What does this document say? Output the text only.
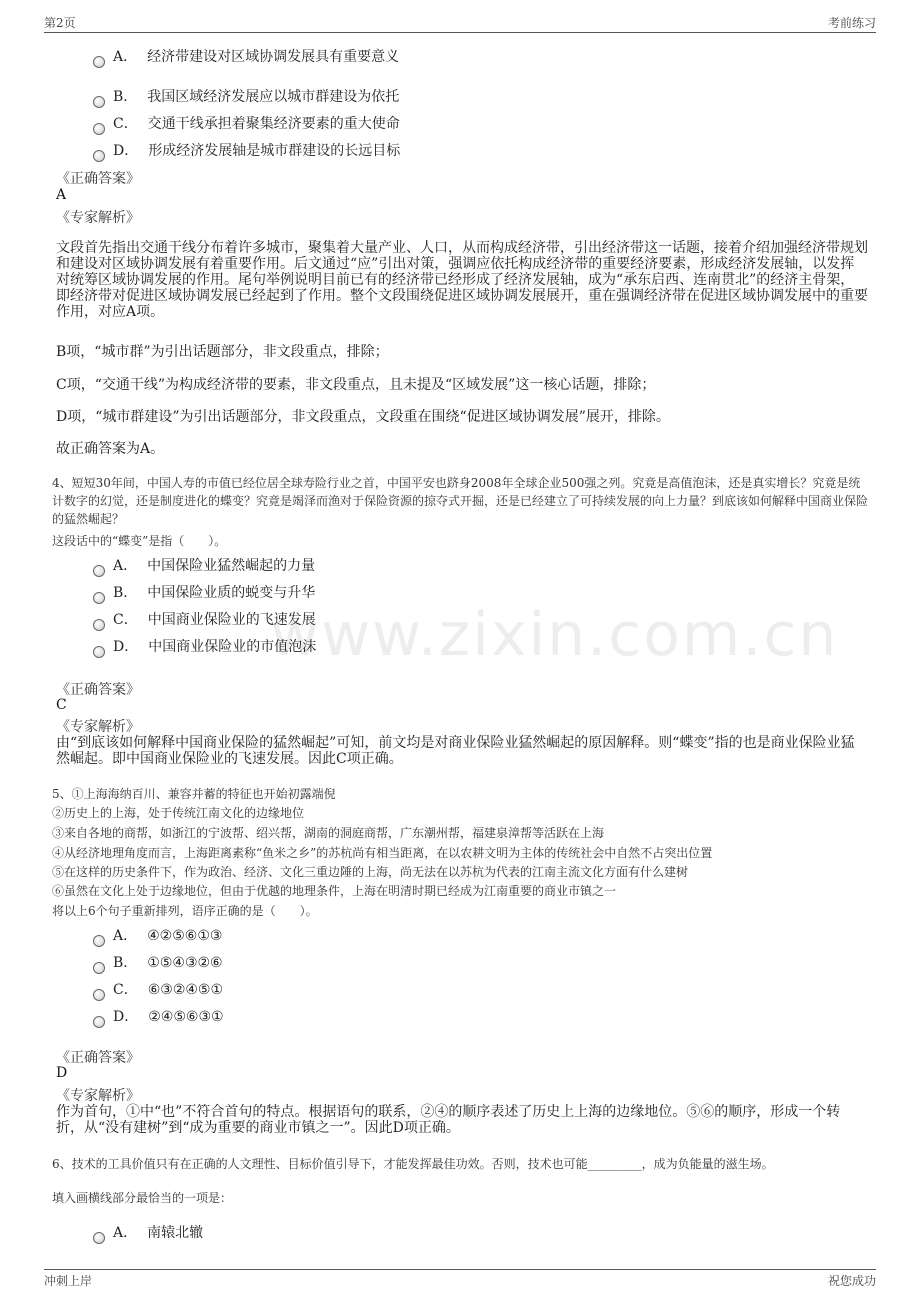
第2页	考前练习
www.zixin.com.cn
A． 经济带建设对区域协调发展具有重要意义
B． 我国区域经济发展应以城市群建设为依托
C． 交通干线承担着聚集经济要素的重大使命
D． 形成经济发展轴是城市群建设的长远目标
《正确答案》
A
《专家解析》
文段首先指出交通干线分布着许多城市，聚集着大量产业、人口，从而构成经济带，引出经济带这一话题，接着介绍加强经济带规划和建设对区域协调发展有着重要作用。后文通过“应”引出对策，强调应依托构成经济带的重要经济要素，形成经济发展轴，以发挥对统筹区域协调发展的作用。尾句举例说明目前已有的经济带已经形成了经济发展轴，成为“承东启西、连南贯北”的经济主骨架，即经济带对促进区域协调发展已经起到了作用。整个文段围绕促进区域协调发展展开，重在强调经济带在促进区域协调发展中的重要作用，对应A项。
B项，“城市群”为引出话题部分，非文段重点，排除；
C项，“交通干线”为构成经济带的要素，非文段重点，且未提及“区域发展”这一核心话题，排除；
D项，“城市群建设”为引出话题部分，非文段重点，文段重在围绕“促进区域协调发展”展开，排除。
故正确答案为A。
4、短短30年间，中国人寿的市值已经位居全球寿险行业之首，中国平安也跻身2008年全球企业500强之列。究竟是高值泡沫，还是真实增长？究竟是统计数字的幻觉，还是制度进化的蝶变？究竟是竭泽而渔对于保险资源的掠夺式开掘，还是已经建立了可持续发展的向上力量？到底该如何解释中国商业保险的猛然崛起？
这段话中的“蝶变”是指（　　）。
A． 中国保险业猛然崛起的力量
B． 中国保险业质的蜕变与升华
C． 中国商业保险业的飞速发展
D． 中国商业保险业的市值泡沫
《正确答案》
C
《专家解析》
由“到底该如何解释中国商业保险的猛然崛起”可知，前文均是对商业保险业猛然崛起的原因解释。则“蝶变”指的也是商业保险业猛然崛起。即中国商业保险业的飞速发展。因此C项正确。
5、①上海海纳百川、兼容并蓄的特征也开始初露端倪
②历史上的上海，处于传统江南文化的边缘地位
③来自各地的商帮，如浙江的宁波帮、绍兴帮，湖南的洞庭商帮，广东潮州帮，福建泉漳帮等活跃在上海
④从经济地理角度而言，上海距离素称“鱼米之乡”的苏杭尚有相当距离，在以农耕文明为主体的传统社会中自然不占突出位置
⑤在这样的历史条件下，作为政治、经济、文化三重边陲的上海，尚无法在以苏杭为代表的江南主流文化方面有什么建树
⑥虽然在文化上处于边缘地位，但由于优越的地理条件，上海在明清时期已经成为江南重要的商业市镇之一
将以上6个句子重新排列，语序正确的是（　　）。
A． ④②⑤⑥①③
B． ①⑤④③②⑥
C． ⑥③②④⑤①
D． ②④⑤⑥③①
《正确答案》
D
《专家解析》
作为首句，①中“也”不符合首句的特点。根据语句的联系，②④的顺序表述了历史上上海的边缘地位。⑤⑥的顺序，形成一个转折，从“没有建树”到“成为重要的商业市镇之一”。因此D项正确。
6、技术的工具价值只有在正确的人文理性、目标价值引导下，才能发挥最佳功效。否则，技术也可能_________，成为负能量的滋生场。
填入画横线部分最恰当的一项是：
A． 南辕北辙
冲刺上岸	祝您成功
